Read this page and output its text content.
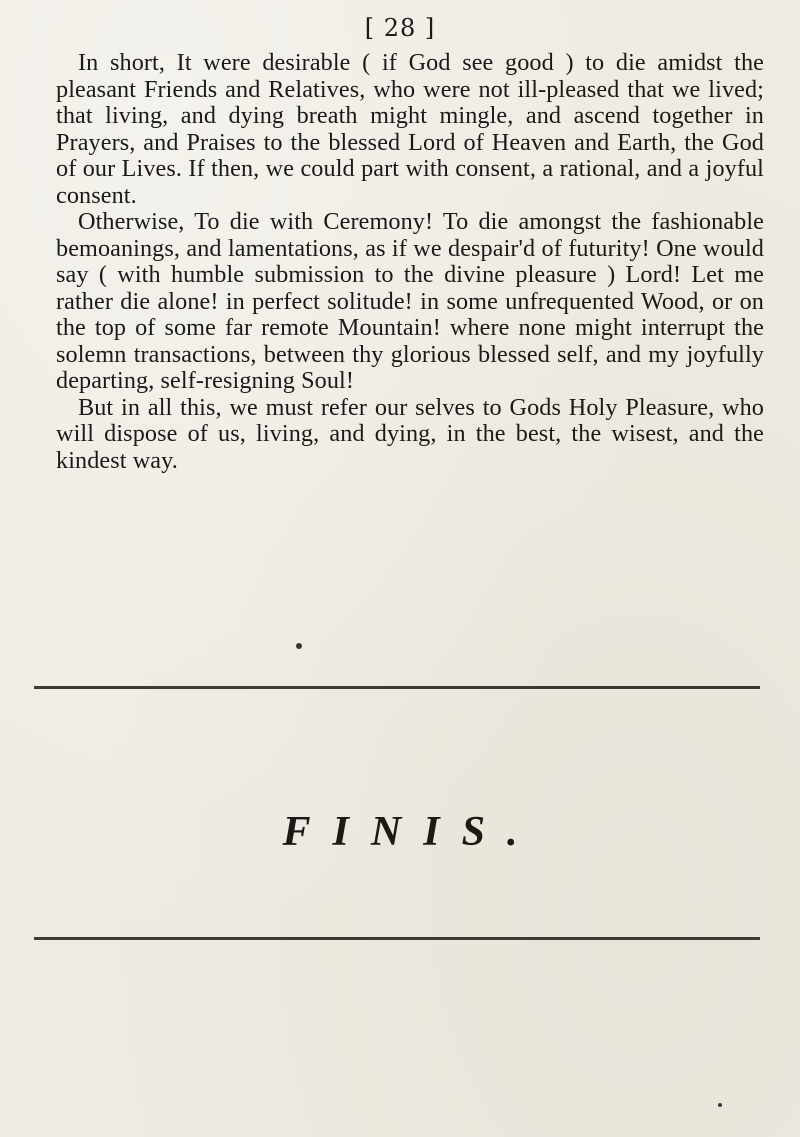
[ 28 ]

In short, It were desirable ( if God see good ) to die amidst the pleasant Friends and Relatives, who were not ill-pleased that we lived; that living, and dying breath might mingle, and ascend together in Prayers, and Praises to the blessed Lord of Heaven and Earth, the God of our Lives. If then, we could part with consent, a rational, and a joyful consent.

Otherwise, To die with Ceremony! To die amongst the fashionable bemoanings, and lamentations, as if we despair'd of futurity! One would say ( with humble submission to the divine pleasure ) Lord! Let me rather die alone! in perfect solitude! in some unfrequented Wood, or on the top of some far remote Mountain! where none might interrupt the solemn transactions, between thy glorious blessed self, and my joyfully departing, self-resigning Soul!

But in all this, we must refer our selves to Gods Holy Pleasure, who will dispose of us, living, and dying, in the best, the wisest, and the kindest way.

FINIS.
